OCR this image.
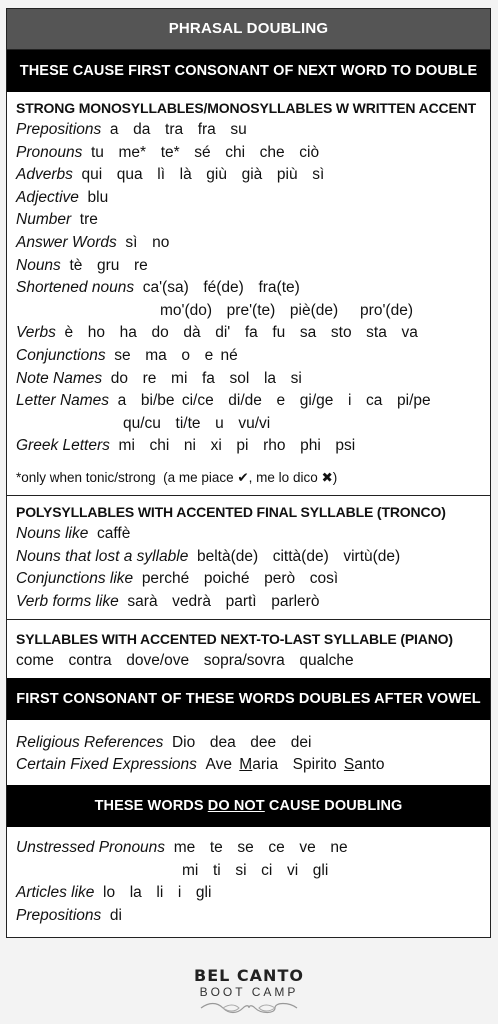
PHRASAL DOUBLING
THESE CAUSE FIRST CONSONANT OF NEXT WORD TO DOUBLE
STRONG MONOSYLLABLES/MONOSYLLABLES W WRITTEN ACCENT
Prepositions a  da  tra  fra  su
Pronouns tu  me*  te*  sé  chi  che  ciò
Adverbs qui  qua  lì  là  giù  già  più  sì
Adjective blu
Number tre
Answer Words sì  no
Nouns tè  gru  re
Shortened nouns ca'(sa)  fé(de)  fra(te)
mo'(do)  pre'(te)  piè(de)   pro'(de)
Verbs è  ho  ha  do  dà  di'  fa  fu  sa  sto  sta  va
Conjunctions se  ma  o  e né
Note Names do  re  mi  fa  sol  la  si
Letter Names a  bi/be ci/ce  di/de  e  gi/ge  i  ca  pi/pe
qu/cu  ti/te  u  vu/vi
Greek Letters mi  chi  ni  xi  pi  rho  phi  psi
*only when tonic/strong  (a me piace ✔, me lo dico ✖)
POLYSYLLABLES WITH ACCENTED FINAL SYLLABLE (TRONCO)
Nouns like caffè
Nouns that lost a syllable beltà(de)  città(de)  virtù(de)
Conjunctions like perché  poiché  però  così
Verb forms like sarà  vedrà  partì  parlerò
SYLLABLES WITH ACCENTED NEXT-TO-LAST SYLLABLE (PIANO)
come  contra  dove/ove  sopra/sovra  qualche
FIRST CONSONANT OF THESE WORDS DOUBLES AFTER VOWEL
Religious References Dio  dea  dee  dei
Certain Fixed Expressions Ave Maria  Spirito Santo
THESE WORDS DO NOT CAUSE DOUBLING
Unstressed Pronouns me  te  se  ce  ve  ne
mi  ti  si  ci  vi  gli
Articles like lo  la  li  i  gli
Prepositions di
BEL CANTO
BOOT CAMP
